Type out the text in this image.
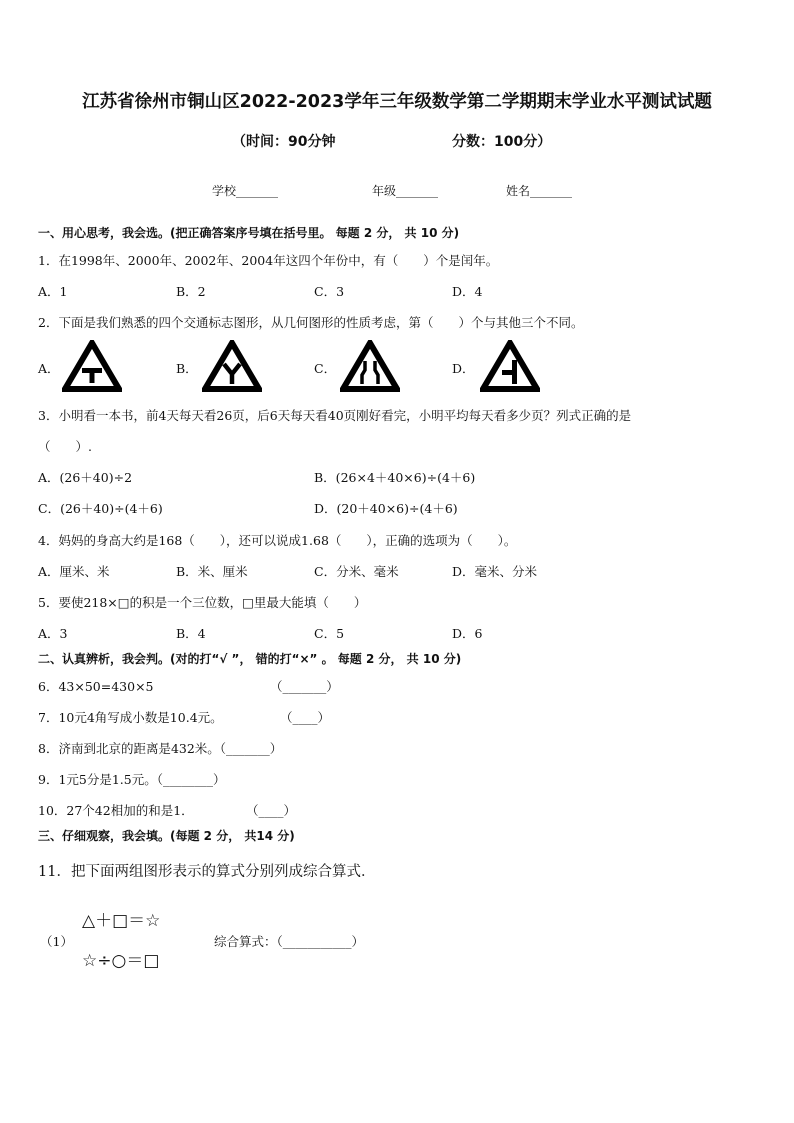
江苏省徐州市铜山区2022-2023学年三年级数学第二学期期末学业水平测试试题
（时间：90分钟	分数：100分）
学校_______	年级_______	姓名_______
一、用心思考，我会选。(把正确答案序号填在括号里。 每题 2 分， 共 10 分)
1．在1998年、2000年、2002年、2004年这四个年份中，有（　　）个是闰年。
A．1	B．2	C．3	D．4
2．下面是我们熟悉的四个交通标志图形，从几何图形的性质考虑，第（　　）个与其他三个不同。
A．	B．	C．	D．
3．小明看一本书，前4天每天看26页，后6天每天看40页刚好看完，小明平均每天看多少页？列式正确的是
（　　）.
A．(26＋40)÷2	B．(26×4＋40×6)÷(4＋6)
C．(26＋40)÷(4＋6)	D．(20＋40×6)÷(4＋6)
4．妈妈的身高大约是168（　　），还可以说成1.68（　　），正确的选项为（　　）。
A．厘米、米	B．米、厘米	C．分米、毫米	D．毫米、分米
5．要使218×□的积是一个三位数，□里最大能填（　　）
A．3	B．4	C．5	D．6
二、认真辨析，我会判。(对的打“√ ”， 错的打“×” 。 每题 2 分， 共 10 分)
6．43×50=430×5	（_______）
7．10元4角写成小数是10.4元。	（____）
8．济南到北京的距离是432米。（_______）
9．1元5分是1.5元。（________）
10．27个42相加的和是1．	（____）
三、仔细观察，我会填。(每题 2 分， 共14 分)
11．把下面两组图形表示的算式分别列成综合算式．
（1）
△＋□＝☆
☆÷○＝□
综合算式：（___________）
